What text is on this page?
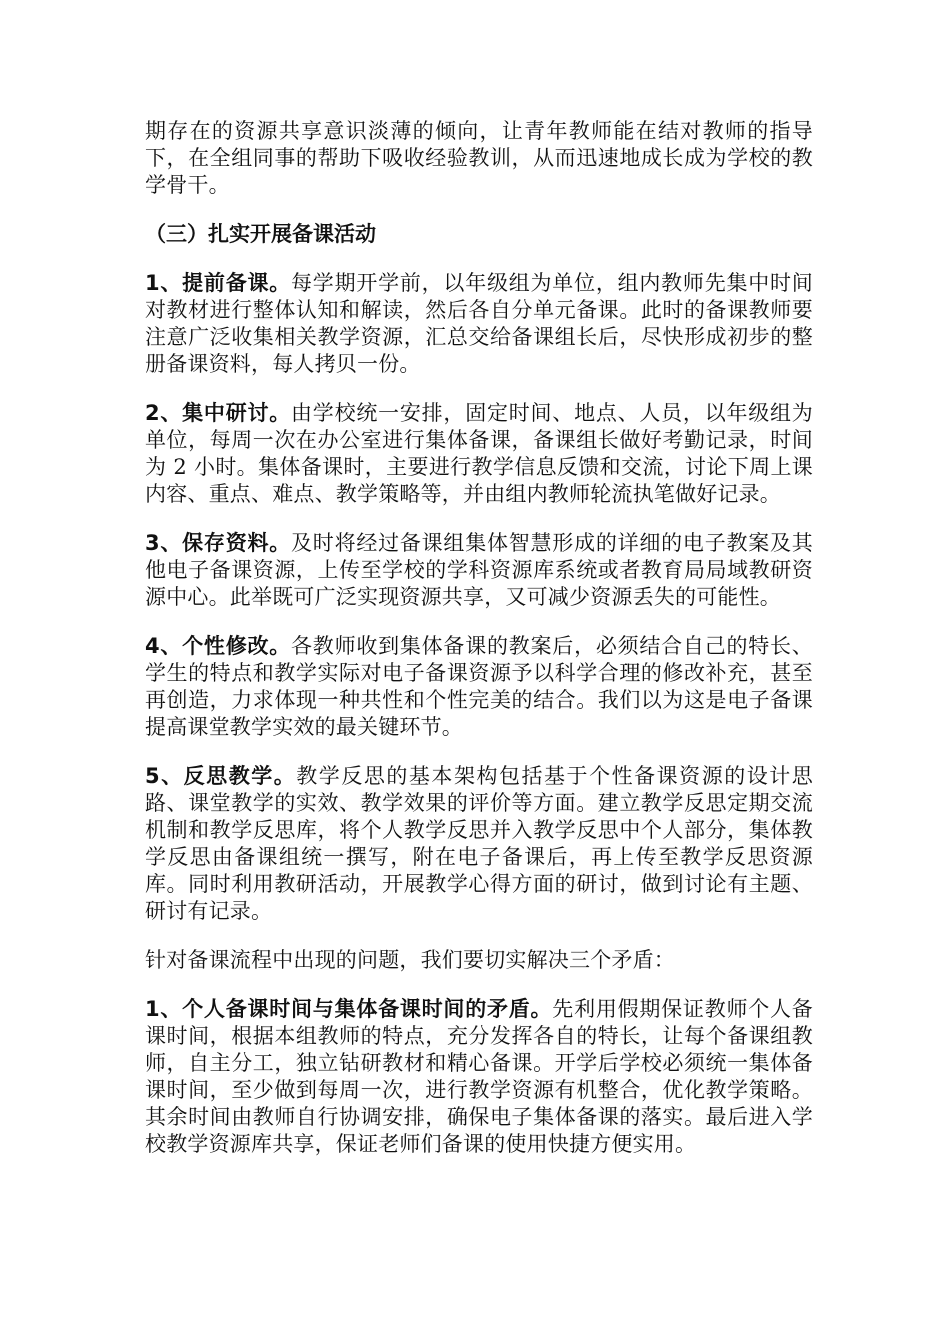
期存在的资源共享意识淡薄的倾向，让青年教师能在结对教师的指导下，在全组同事的帮助下吸收经验教训，从而迅速地成长成为学校的教学骨干。

（三）扎实开展备课活动

1、提前备课。每学期开学前，以年级组为单位，组内教师先集中时间对教材进行整体认知和解读，然后各自分单元备课。此时的备课教师要注意广泛收集相关教学资源，汇总交给备课组长后，尽快形成初步的整册备课资料，每人拷贝一份。

2、集中研讨。由学校统一安排，固定时间、地点、人员，以年级组为单位，每周一次在办公室进行集体备课，备课组长做好考勤记录，时间为 2 小时。集体备课时，主要进行教学信息反馈和交流，讨论下周上课内容、重点、难点、教学策略等，并由组内教师轮流执笔做好记录。

3、保存资料。及时将经过备课组集体智慧形成的详细的电子教案及其他电子备课资源，上传至学校的学科资源库系统或者教育局局域教研资源中心。此举既可广泛实现资源共享，又可减少资源丢失的可能性。

4、个性修改。各教师收到集体备课的教案后，必须结合自己的特长、学生的特点和教学实际对电子备课资源予以科学合理的修改补充，甚至再创造，力求体现一种共性和个性完美的结合。我们以为这是电子备课提高课堂教学实效的最关键环节。

5、反思教学。教学反思的基本架构包括基于个性备课资源的设计思路、课堂教学的实效、教学效果的评价等方面。建立教学反思定期交流机制和教学反思库，将个人教学反思并入教学反思中个人部分，集体教学反思由备课组统一撰写，附在电子备课后，再上传至教学反思资源库。同时利用教研活动，开展教学心得方面的研讨，做到讨论有主题、研讨有记录。

针对备课流程中出现的问题，我们要切实解决三个矛盾：

1、个人备课时间与集体备课时间的矛盾。先利用假期保证教师个人备课时间，根据本组教师的特点，充分发挥各自的特长，让每个备课组教师，自主分工，独立钻研教材和精心备课。开学后学校必须统一集体备课时间，至少做到每周一次，进行教学资源有机整合，优化教学策略。其余时间由教师自行协调安排，确保电子集体备课的落实。最后进入学校教学资源库共享，保证老师们备课的使用快捷方便实用。
